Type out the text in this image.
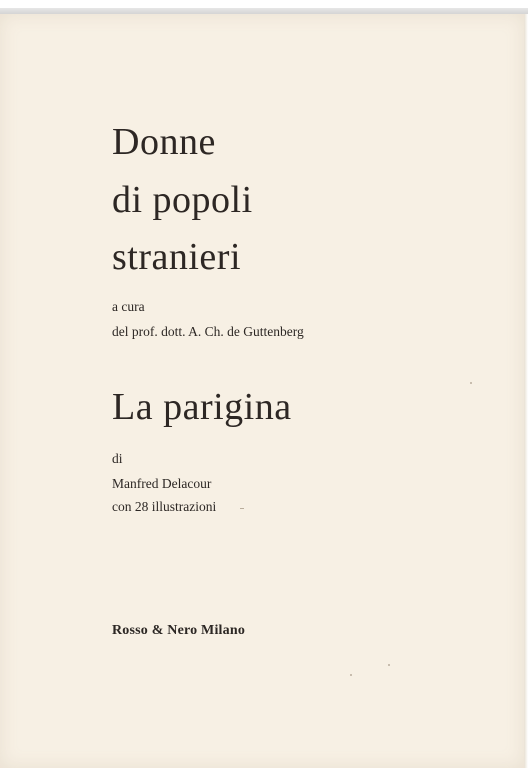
Donne
di popoli
stranieri
a cura
del prof. dott. A. Ch. de Guttenberg
La parigina
di
Manfred Delacour
con 28 illustrazioni
Rosso & Nero Milano
